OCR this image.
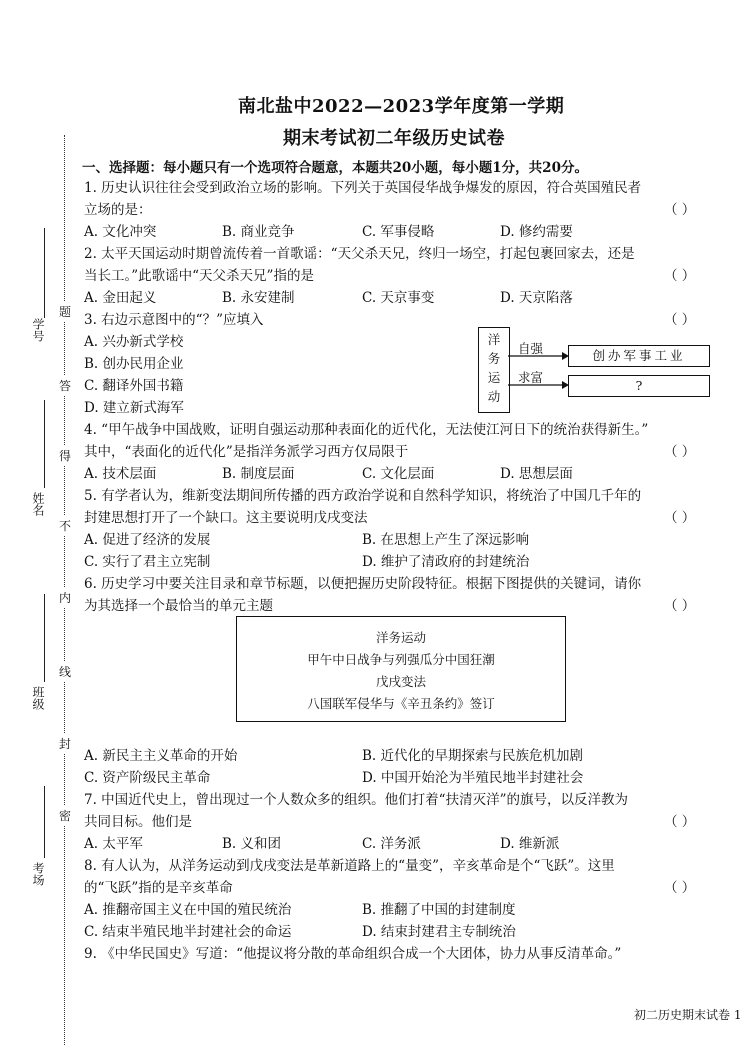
题
答
得
不
内
线
封
密
学号
姓名
班级
考场
南北盐中2022—2023学年度第一学期
期末考试初二年级历史试卷
一、选择题：每小题只有一个选项符合题意，本题共20小题，每小题1分，共20分。
1. 历史认识往往会受到政治立场的影响。下列关于英国侵华战争爆发的原因，符合英国殖民者
立场的是：	（ ）
A. 文化冲突	B. 商业竞争	C. 军事侵略	D. 修约需要
2. 太平天国运动时期曾流传着一首歌谣：“天父杀天兄，终归一场空，打起包裹回家去，还是
当长工。”此歌谣中“天父杀天兄”指的是	（ ）
A. 金田起义	B. 永安建制	C. 天京事变	D. 天京陷落
3. 右边示意图中的“？”应填入	（ ）
A. 兴办新式学校
B. 创办民用企业
C. 翻译外国书籍
D. 建立新式海军
洋务运动
自强
求富
创办军事工业
?
4. “甲午战争中国战败，证明自强运动那种表面化的近代化，无法使江河日下的统治获得新生。”
其中，“表面化的近代化”是指洋务派学习西方仅局限于	（ ）
A. 技术层面	B. 制度层面	C. 文化层面	D. 思想层面
5. 有学者认为，维新变法期间所传播的西方政治学说和自然科学知识，将统治了中国几千年的
封建思想打开了一个缺口。这主要说明戊戌变法	（ ）
A. 促进了经济的发展	B. 在思想上产生了深远影响
C. 实行了君主立宪制	D. 维护了清政府的封建统治
6. 历史学习中要关注目录和章节标题，以便把握历史阶段特征。根据下图提供的关键词，请你
为其选择一个最恰当的单元主题	（ ）
洋务运动
甲午中日战争与列强瓜分中国狂潮
戊戌变法
八国联军侵华与《辛丑条约》签订
A. 新民主主义革命的开始	B. 近代化的早期探索与民族危机加剧
C. 资产阶级民主革命	D. 中国开始沦为半殖民地半封建社会
7. 中国近代史上，曾出现过一个人数众多的组织。他们打着“扶清灭洋”的旗号，以反洋教为
共同目标。他们是	（ ）
A. 太平军	B. 义和团	C. 洋务派	D. 维新派
8. 有人认为，从洋务运动到戊戌变法是革新道路上的“量变”，辛亥革命是个“飞跃”。这里
的“飞跃”指的是辛亥革命	（ ）
A. 推翻帝国主义在中国的殖民统治	B. 推翻了中国的封建制度
C. 结束半殖民地半封建社会的命运	D. 结束封建君主专制统治
9. 《中华民国史》写道：“他提议将分散的革命组织合成一个大团体，协力从事反清革命。”
初二历史期末试卷 1
